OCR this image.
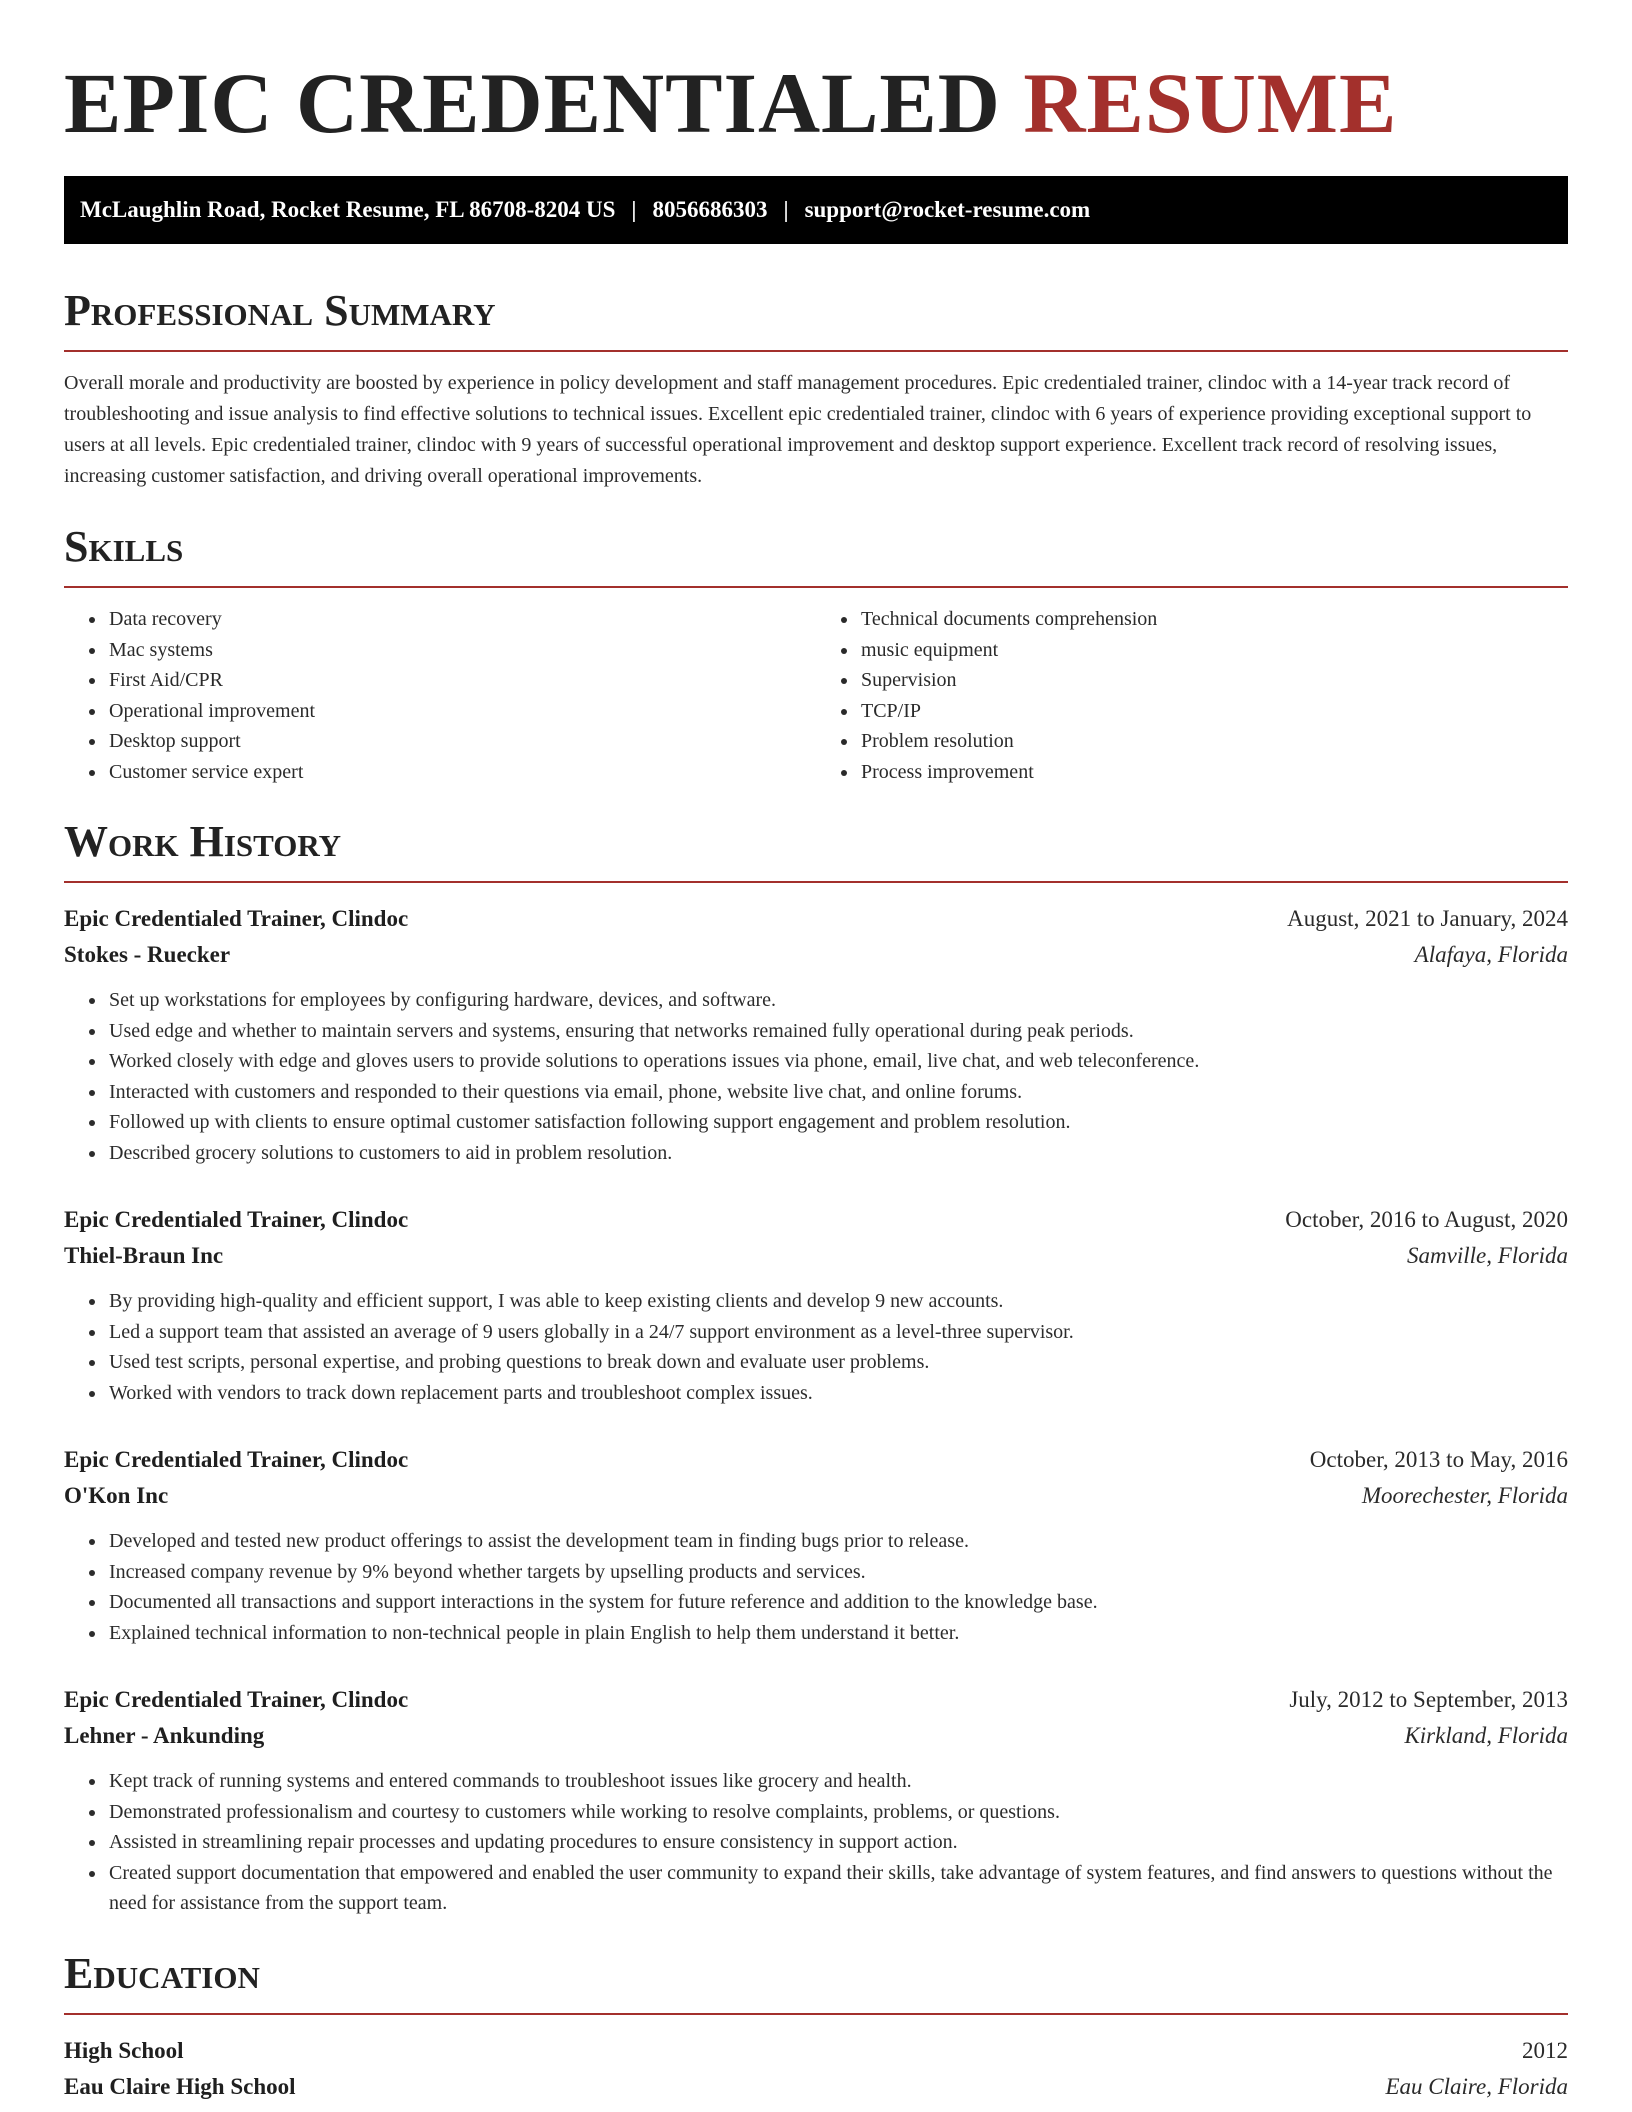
EPIC CREDENTIALED RESUME
McLaughlin Road, Rocket Resume, FL 86708-8204 US | 8056686303 | support@rocket-resume.com
Professional Summary

Overall morale and productivity are boosted by experience in policy development and staff management procedures. Epic credentialed trainer, clindoc with a 14-year track record of troubleshooting and issue analysis to find effective solutions to technical issues. Excellent epic credentialed trainer, clindoc with 6 years of experience providing exceptional support to users at all levels. Epic credentialed trainer, clindoc with 9 years of successful operational improvement and desktop support experience. Excellent track record of resolving issues, increasing customer satisfaction, and driving overall operational improvements.

Skills
• Data recovery
• Mac systems
• First Aid/CPR
• Operational improvement
• Desktop support
• Customer service expert
• Technical documents comprehension
• music equipment
• Supervision
• TCP/IP
• Problem resolution
• Process improvement
Work History
Epic Credentialed Trainer, Clindoc	August, 2021 to January, 2024
Stokes - Ruecker	Alafaya, Florida
• Set up workstations for employees by configuring hardware, devices, and software.
• Used edge and whether to maintain servers and systems, ensuring that networks remained fully operational during peak periods.
• Worked closely with edge and gloves users to provide solutions to operations issues via phone, email, live chat, and web teleconference.
• Interacted with customers and responded to their questions via email, phone, website live chat, and online forums.
• Followed up with clients to ensure optimal customer satisfaction following support engagement and problem resolution.
• Described grocery solutions to customers to aid in problem resolution.
Epic Credentialed Trainer, Clindoc	October, 2016 to August, 2020
Thiel-Braun Inc	Samville, Florida
• By providing high-quality and efficient support, I was able to keep existing clients and develop 9 new accounts.
• Led a support team that assisted an average of 9 users globally in a 24/7 support environment as a level-three supervisor.
• Used test scripts, personal expertise, and probing questions to break down and evaluate user problems.
• Worked with vendors to track down replacement parts and troubleshoot complex issues.
Epic Credentialed Trainer, Clindoc	October, 2013 to May, 2016
O'Kon Inc	Moorechester, Florida
• Developed and tested new product offerings to assist the development team in finding bugs prior to release.
• Increased company revenue by 9% beyond whether targets by upselling products and services.
• Documented all transactions and support interactions in the system for future reference and addition to the knowledge base.
• Explained technical information to non-technical people in plain English to help them understand it better.
Epic Credentialed Trainer, Clindoc	July, 2012 to September, 2013
Lehner - Ankunding	Kirkland, Florida
• Kept track of running systems and entered commands to troubleshoot issues like grocery and health.
• Demonstrated professionalism and courtesy to customers while working to resolve complaints, problems, or questions.
• Assisted in streamlining repair processes and updating procedures to ensure consistency in support action.
• Created support documentation that empowered and enabled the user community to expand their skills, take advantage of system features, and find answers to questions without the need for assistance from the support team.
Education
High School	2012
Eau Claire High School	Eau Claire, Florida
